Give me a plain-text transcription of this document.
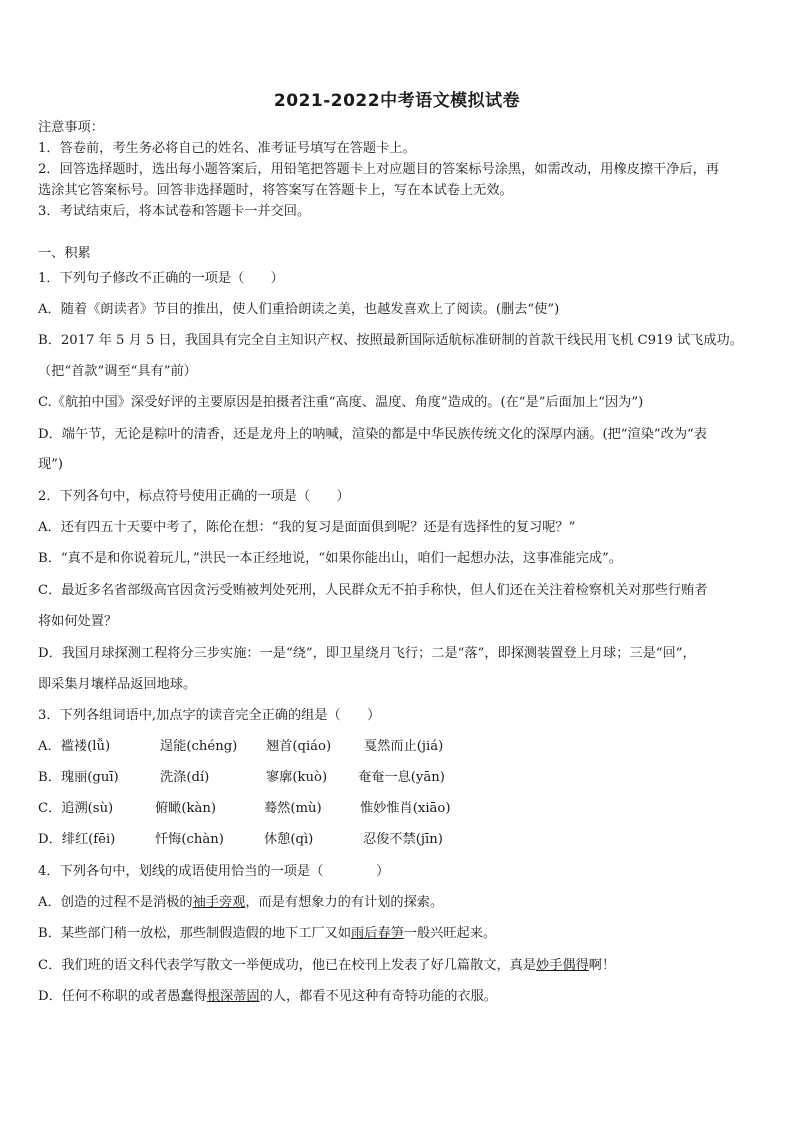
2021-2022中考语文模拟试卷
注意事项：
1．答卷前，考生务必将自己的姓名、准考证号填写在答题卡上。
2．回答选择题时，选出每小题答案后，用铅笔把答题卡上对应题目的答案标号涂黑，如需改动，用橡皮擦干净后，再
选涂其它答案标号。回答非选择题时，将答案写在答题卡上，写在本试卷上无效。
3．考试结束后，将本试卷和答题卡一并交回。
一、积累
1．下列句子修改不正确的一项是（　　）
A．随着《朗读者》节目的推出，使人们重拾朗读之美，也越发喜欢上了阅读。(删去“使”)
B．2017 年 5 月 5 日，我国具有完全自主知识产权、按照最新国际适航标准研制的首款干线民用飞机 C919 试飞成功。
（把“首款”调至“具有”前）
C.《航拍中国》深受好评的主要原因是拍摄者注重“高度、温度、角度”造成的。(在“是”后面加上“因为”)
D．端午节，无论是粽叶的清香，还是龙舟上的呐喊，渲染的都是中华民族传统文化的深厚内涵。(把“渲染”改为“表
现”)
2．下列各句中，标点符号使用正确的一项是（　　）
A．还有四五十天要中考了，陈伦在想：“我的复习是面面俱到呢？还是有选择性的复习呢？”
B．“真不是和你说着玩儿，”洪民一本正经地说，“如果你能出山，咱们一起想办法，这事准能完成”。
C．最近多名省部级高官因贪污受贿被判处死刑，人民群众无不拍手称快，但人们还在关注着检察机关对那些行贿者
将如何处置？
D．我国月球探测工程将分三步实施：一是“绕”，即卫星绕月飞行；二是“落”，即探测装置登上月球；三是“回”，
即采集月壤样品返回地球。
3．下列各组词语中,加点字的读音完全正确的组是（　　）
A．褴褛(lǚ)	逞能(chéng) 翘首(qiáo) 戛然而止(jiá)
B．瑰丽(guī)	洗涤(dí)	寥廓(kuò) 奄奄一息(yān)
C．追溯(sù)	俯瞰(kàn)	蓦然(mù)	惟妙惟肖(xiāo)
D．绯红(fēi)	忏悔(chàn)	休憩(qì)	忍俊不禁(jīn)
4．下列各句中，划线的成语使用恰当的一项是（　　　　）
A．创造的过程不是消极的袖手旁观，而是有想象力的有计划的探索。
B．某些部门稍一放松，那些制假造假的地下工厂又如雨后春笋一般兴旺起来。
C．我们班的语文科代表学写散文一举便成功，他已在校刊上发表了好几篇散文，真是妙手偶得啊！
D．任何不称职的或者愚蠢得根深蒂固的人，都看不见这种有奇特功能的衣服。
